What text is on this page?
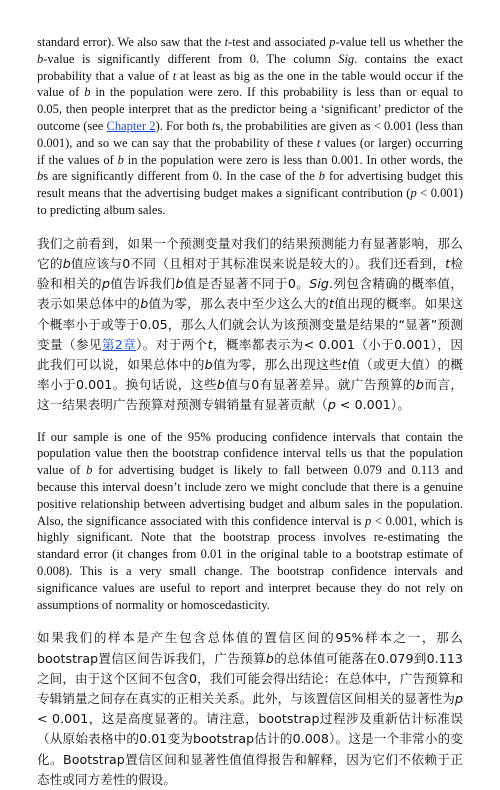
standard error). We also saw that the t-test and associated p-value tell us whether the b-value is significantly different from 0. The column Sig. contains the exact probability that a value of t at least as big as the one in the table would occur if the value of b in the population were zero. If this probability is less than or equal to 0.05, then people interpret that as the predictor being a ‘significant’ predictor of the outcome (see Chapter 2). For both ts, the probabilities are given as < 0.001 (less than 0.001), and so we can say that the probability of these t values (or larger) occurring if the values of b in the population were zero is less than 0.001. In other words, the bs are significantly different from 0. In the case of the b for advertising budget this result means that the advertising budget makes a significant contribution (p < 0.001) to predicting album sales.

我们之前看到，如果一个预测变量对我们的结果预测能力有显著影响，那么它的b值应该与0不同（且相对于其标准误来说是较大的）。我们还看到，t检验和相关的p值告诉我们b值是否显著不同于0。Sig.列包含精确的概率值，表示如果总体中的b值为零，那么表中至少这么大的t值出现的概率。如果这个概率小于或等于0.05，那么人们就会认为该预测变量是结果的“显著”预测变量（参见第2章）。对于两个t，概率都表示为< 0.001（小于0.001），因此我们可以说，如果总体中的b值为零，那么出现这些t值（或更大值）的概率小于0.001。换句话说，这些b值与0有显著差异。就广告预算的b而言，这一结果表明广告预算对预测专辑销量有显著贡献（p < 0.001）。

If our sample is one of the 95% producing confidence intervals that contain the population value then the bootstrap confidence interval tells us that the population value of b for advertising budget is likely to fall between 0.079 and 0.113 and because this interval doesn’t include zero we might conclude that there is a genuine positive relationship between advertising budget and album sales in the population. Also, the significance associated with this confidence interval is p < 0.001, which is highly significant. Note that the bootstrap process involves re-estimating the standard error (it changes from 0.01 in the original table to a bootstrap estimate of 0.008). This is a very small change. The bootstrap confidence intervals and significance values are useful to report and interpret because they do not rely on assumptions of normality or homoscedasticity.

如果我们的样本是产生包含总体值的置信区间的95%样本之一，那么bootstrap置信区间告诉我们，广告预算b的总体值可能落在0.079到0.113之间，由于这个区间不包含0，我们可能会得出结论：在总体中，广告预算和专辑销量之间存在真实的正相关关系。此外，与该置信区间相关的显著性为p < 0.001，这是高度显著的。请注意，bootstrap过程涉及重新估计标准误（从原始表格中的0.01变为bootstrap估计的0.008）。这是一个非常小的变化。Bootstrap置信区间和显著性值值得报告和解释，因为它们不依赖于正态性或同方差性的假设。
